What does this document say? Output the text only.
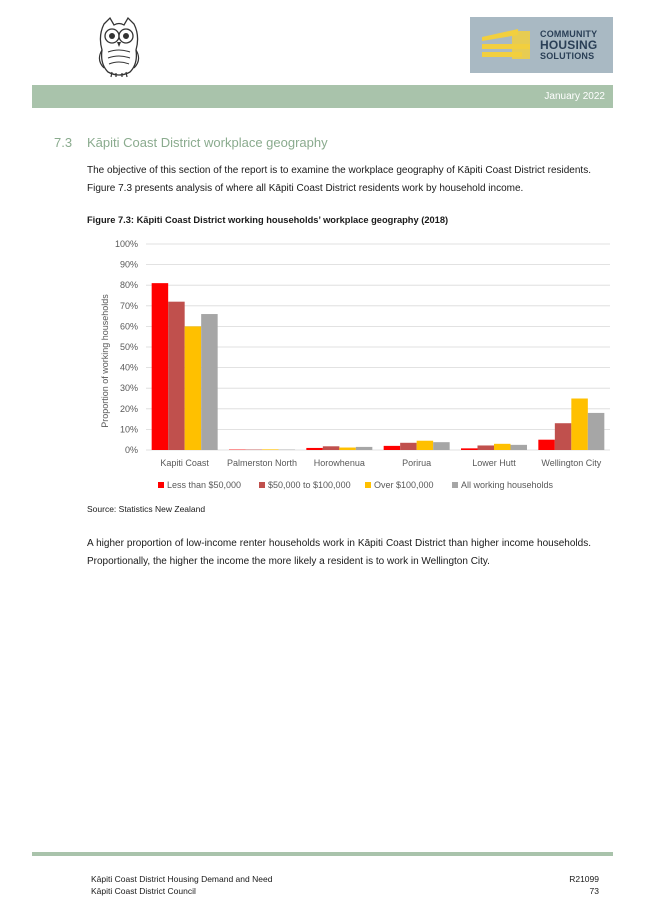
COMMUNITY
HOUSING
SOLUTIONS
January 2022
7.3 Kāpiti Coast District workplace geography
The objective of this section of the report is to examine the workplace geography of Kāpiti Coast District residents. Figure 7.3 presents analysis of where all Kāpiti Coast District residents work by household income.
Figure 7.3: Kāpiti Coast District working households’ workplace geography (2018)
0%
10%
20%
30%
40%
50%
60%
70%
80%
90%
100%
Kapiti Coast Palmerston North Horowhenua	Porirua	Lower Hutt	Wellington City
Proportion of working households
Less than $50,000	$50,000 to $100,000	Over $100,000	All working households
Source: Statistics New Zealand
A higher proportion of low-income renter households work in Kāpiti Coast District than higher income households. Proportionally, the higher the income the more likely a resident is to work in Wellington City.
Kāpiti Coast District Housing Demand and Need
Kāpiti Coast District Council
R21099
73
